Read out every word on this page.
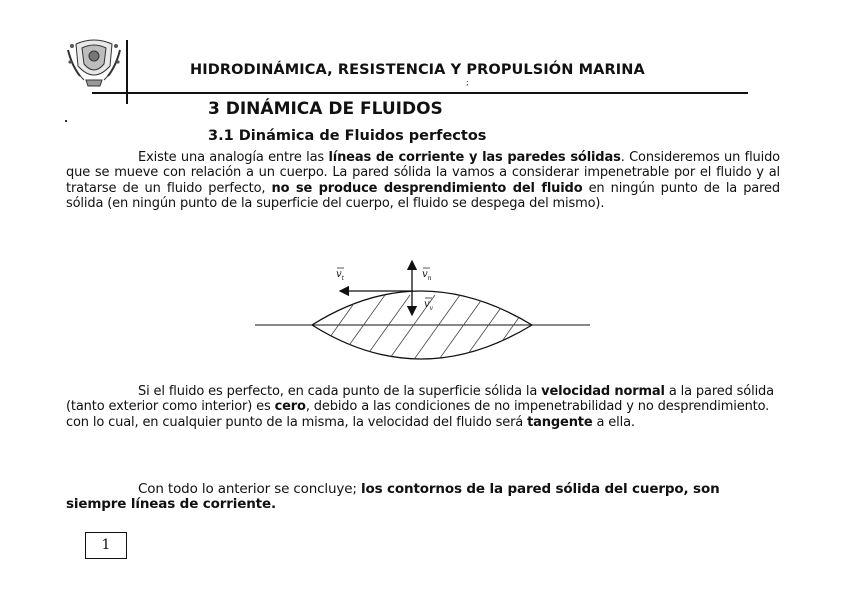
HIDRODINÁMICA, RESISTENCIA Y PROPULSIÓN MARINA
;
3 DINÁMICA DE FLUIDOS
3.1 Dinámica de Fluidos perfectos
Existe una analogía entre las líneas de corriente y las paredes sólidas. Consideremos un fluido que se mueve con relación a un cuerpo. La pared sólida la vamos a considerar impenetrable por el fluido y al tratarse de un fluido perfecto, no se produce desprendimiento del fluido en ningún punto de la pared sólida (en ningún punto de la superficie del cuerpo, el fluido se despega del mismo).
$v_t$	$v_n$
$v_v$
Si el fluido es perfecto, en cada punto de la superficie sólida la velocidad normal a la pared sólida (tanto exterior como interior) es cero, debido a las condiciones de no impenetrabilidad y no desprendimiento. con lo cual, en cualquier punto de la misma, la velocidad del fluido será tangente a ella.
Con todo lo anterior se concluye; los contornos de la pared sólida del cuerpo, son siempre líneas de corriente.
1
